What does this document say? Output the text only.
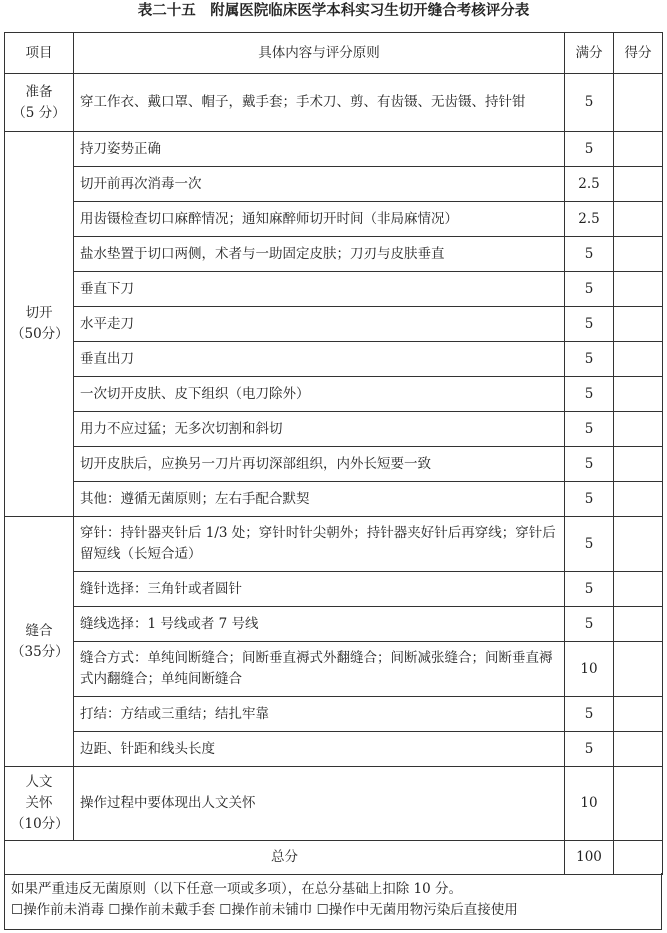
表二十五　附属医院临床医学本科实习生切开缝合考核评分表
项目	具体内容与评分原则	满分	得分

准备
（5 分）	穿工作衣、戴口罩、帽子，戴手套；手术刀、剪、有齿镊、无齿镊、持针钳	5	

切开
（50分）	持刀姿势正确	5	
	切开前再次消毒一次	2.5	
	用齿镊检查切口麻醉情况；通知麻醉师切开时间（非局麻情况）	2.5	
	盐水垫置于切口两侧，术者与一助固定皮肤；刀刃与皮肤垂直	5	
	垂直下刀	5	
	水平走刀	5	
	垂直出刀	5	
	一次切开皮肤、皮下组织（电刀除外）	5	
	用力不应过猛；无多次切割和斜切	5	
	切开皮肤后，应换另一刀片再切深部组织，内外长短要一致	5	
	其他：遵循无菌原则；左右手配合默契	5	

缝合
（35分）	穿针：持针器夹针后 1/3 处；穿针时针尖朝外；持针器夹好针后再穿线；穿针后留短线（长短合适）	5	
	缝针选择：三角针或者圆针	5	
	缝线选择：1 号线或者 7 号线	5	
	缝合方式：单纯间断缝合；间断垂直褥式外翻缝合；间断减张缝合；间断垂直褥式内翻缝合；单纯间断缝合	10	
	打结：方结或三重结；结扎牢靠	5	
	边距、针距和线头长度	5	

人文
关怀
（10分）	操作过程中要体现出人文关怀	10	
总分		100	
如果严重违反无菌原则（以下任意一项或多项），在总分基础上扣除 10 分。
☐操作前未消毒 ☐操作前未戴手套 ☐操作前未铺巾 ☐操作中无菌用物污染后直接使用
